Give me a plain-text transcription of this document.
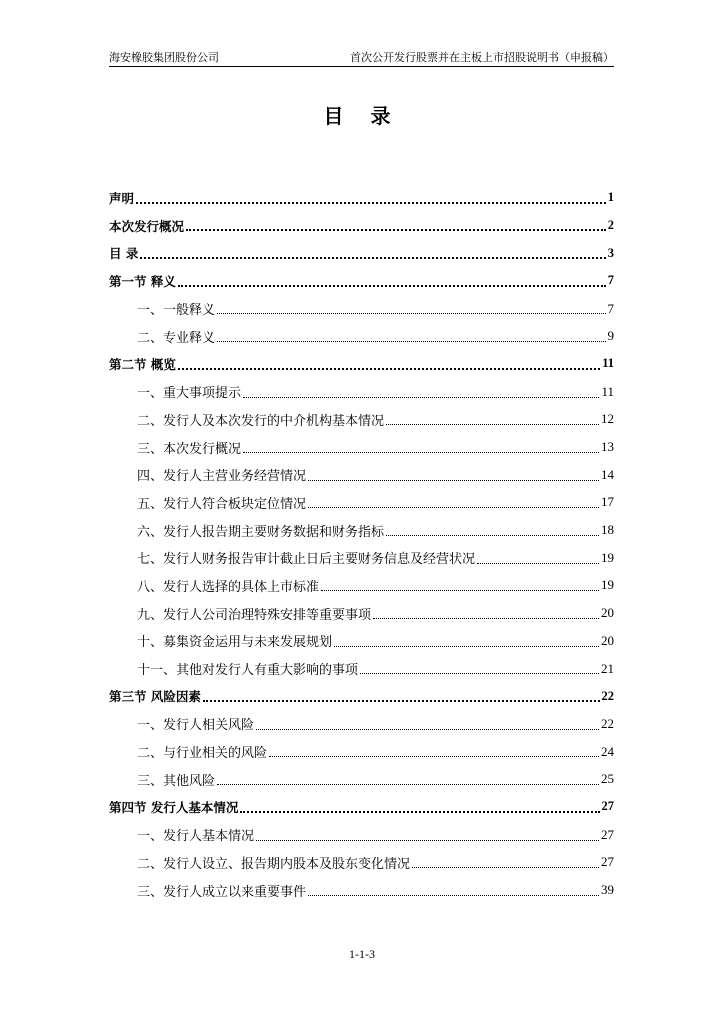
海安橡胶集团股份公司	首次公开发行股票并在主板上市招股说明书（申报稿）
目 录
声明	1
本次发行概况	2
目 录	3
第一节 释义	7
一、一般释义	7
二、专业释义	9
第二节 概览	11
一、重大事项提示	11
二、发行人及本次发行的中介机构基本情况	12
三、本次发行概况	13
四、发行人主营业务经营情况	14
五、发行人符合板块定位情况	17
六、发行人报告期主要财务数据和财务指标	18
七、发行人财务报告审计截止日后主要财务信息及经营状况	19
八、发行人选择的具体上市标准	19
九、发行人公司治理特殊安排等重要事项	20
十、募集资金运用与未来发展规划	20
十一、其他对发行人有重大影响的事项	21
第三节 风险因素	22
一、发行人相关风险	22
二、与行业相关的风险	24
三、其他风险	25
第四节 发行人基本情况	27
一、发行人基本情况	27
二、发行人设立、报告期内股本及股东变化情况	27
三、发行人成立以来重要事件	39
1-1-3
